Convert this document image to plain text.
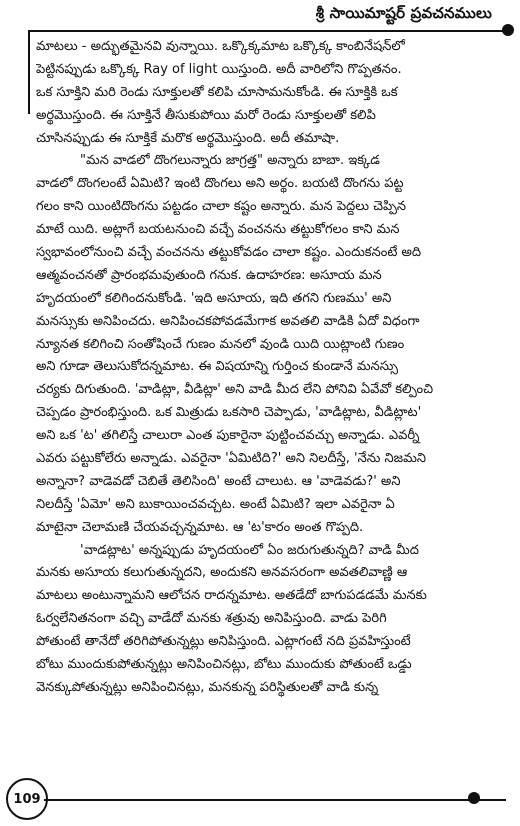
శ్రీ సాయిమాష్టర్ ప్రవచనములు
మాటలు - అద్భుతమైనవి వున్నాయి. ఒక్కొక్కమాట ఒక్కొక్క కాంబినేషన్‌లో
పెట్టినప్పుడు ఒక్కొక్క Ray of light యిస్తుంది. అదీ వారిలోని గొప్పతనం.
ఒక సూక్తిని మరి రెండు సూక్తులతో కలిపి చూసామనుకోండి. ఈ సూక్తికి ఒక
అర్థమొస్తుంది. ఈ సూక్తినే తీసుకుపోయి మరో రెండు సూక్తులతో కలిపి
చూసినప్పుడు ఈ సూక్తికే మరొక అర్థమొస్తుంది. అదీ తమాషా.
"మన వాడలో దొంగలున్నారు జాగ్రత్త" అన్నారు బాబా. ఇక్కడ
వాడలో దొంగలంటే ఏమిటి? ఇంటి దొంగలు అని అర్థం. బయటి దొంగను పట్ట
గలం కాని యింటిదొంగను పట్టడం చాలా కష్టం అన్నారు. మన పెద్దలు చెప్పిన
మాటే యిది. అట్లాగే బయటనుంచి వచ్చే వంచనను తట్టుకోగలం కాని మన
స్వభావంలోనుంచి వచ్చే వంచనను తట్టుకోవడం చాలా కష్టం. ఎందుకనంటే అది
ఆత్మవంచనతో ప్రారంభమవుతుంది గనుక. ఉదాహరణ: అసూయ మన
హృదయంలో కలిగిందనుకోండి. 'ఇది అసూయ, ఇది తగని గుణము' అని
మనస్సుకు అనిపించదు. అనిపించకపోవడమేగాక అవతలి వాడికి ఏదో విధంగా
న్యూనత కలిగించి సంతోషించే గుణం మనలో వుండి యిది యిట్లాంటి గుణం
అని గూడా తెలుసుకోదన్నమాట. ఈ విషయాన్ని గుర్తించ కుండానే మనస్సు
చర్యకు దిగుతుంది. 'వాడిట్లా, వీడిట్లా' అని వాడి మీద లేని పోనివి ఏవేవో కల్పించి
చెప్పడం ప్రారంభిస్తుంది. ఒక మిత్రుడు ఒకసారి చెప్పాడు, 'వాడిట్లాట, వీడిట్లాట'
అని ఒక 'ట' తగిలిస్తే చాలురా ఎంత పుకారైనా పుట్టించవచ్చు అన్నాడు. ఎవర్నీ
ఎవరు పట్టుకోలేరు అన్నాడు. ఎవరైనా 'ఏమిటిది?' అని నిలదీస్తే, 'నేను నిజమని
అన్నానా? వాడెవడో చెబితే తెలిసింది' అంటే చాలుట. ఆ 'వాడెవడు?' అని
నిలదీస్తే 'ఏమో' అని బుకాయించవచ్చట. అంటే ఏమిటి? ఇలా ఎవరైనా ఏ
మాటైనా చెలామణి చేయవచ్చన్నమాట. ఆ 'ట'కారం అంత గొప్పది.
'వాడట్లాట' అన్నప్పుడు హృదయంలో ఏం జరుగుతున్నది? వాడి మీద
మనకు అసూయ కలుగుతున్నదని, అందుకని అనవసరంగా అవతలివాణ్ణి ఆ
మాటలు అంటున్నామని ఆలోచన రాదన్నమాట. అతడేదో బాగుపడడమే మనకు
ఓర్వలేనితనంగా వచ్చి వాడేదో మనకు శత్రువు అనిపిస్తుంది. వాడు పెరిగి
పోతుంటే తానేదో తరిగిపోతున్నట్లు అనిపిస్తుంది. ఎట్లాగంటే నది ప్రవహిస్తుంటే
బోటు ముందుకుపోతున్నట్లు అనిపించినట్లు, బోటు ముందుకు పోతుంటే ఒడ్డు
వెనక్కుపోతున్నట్లు అనిపించినట్లు, మనకున్న పరిస్థితులతో వాడి కున్న
109
